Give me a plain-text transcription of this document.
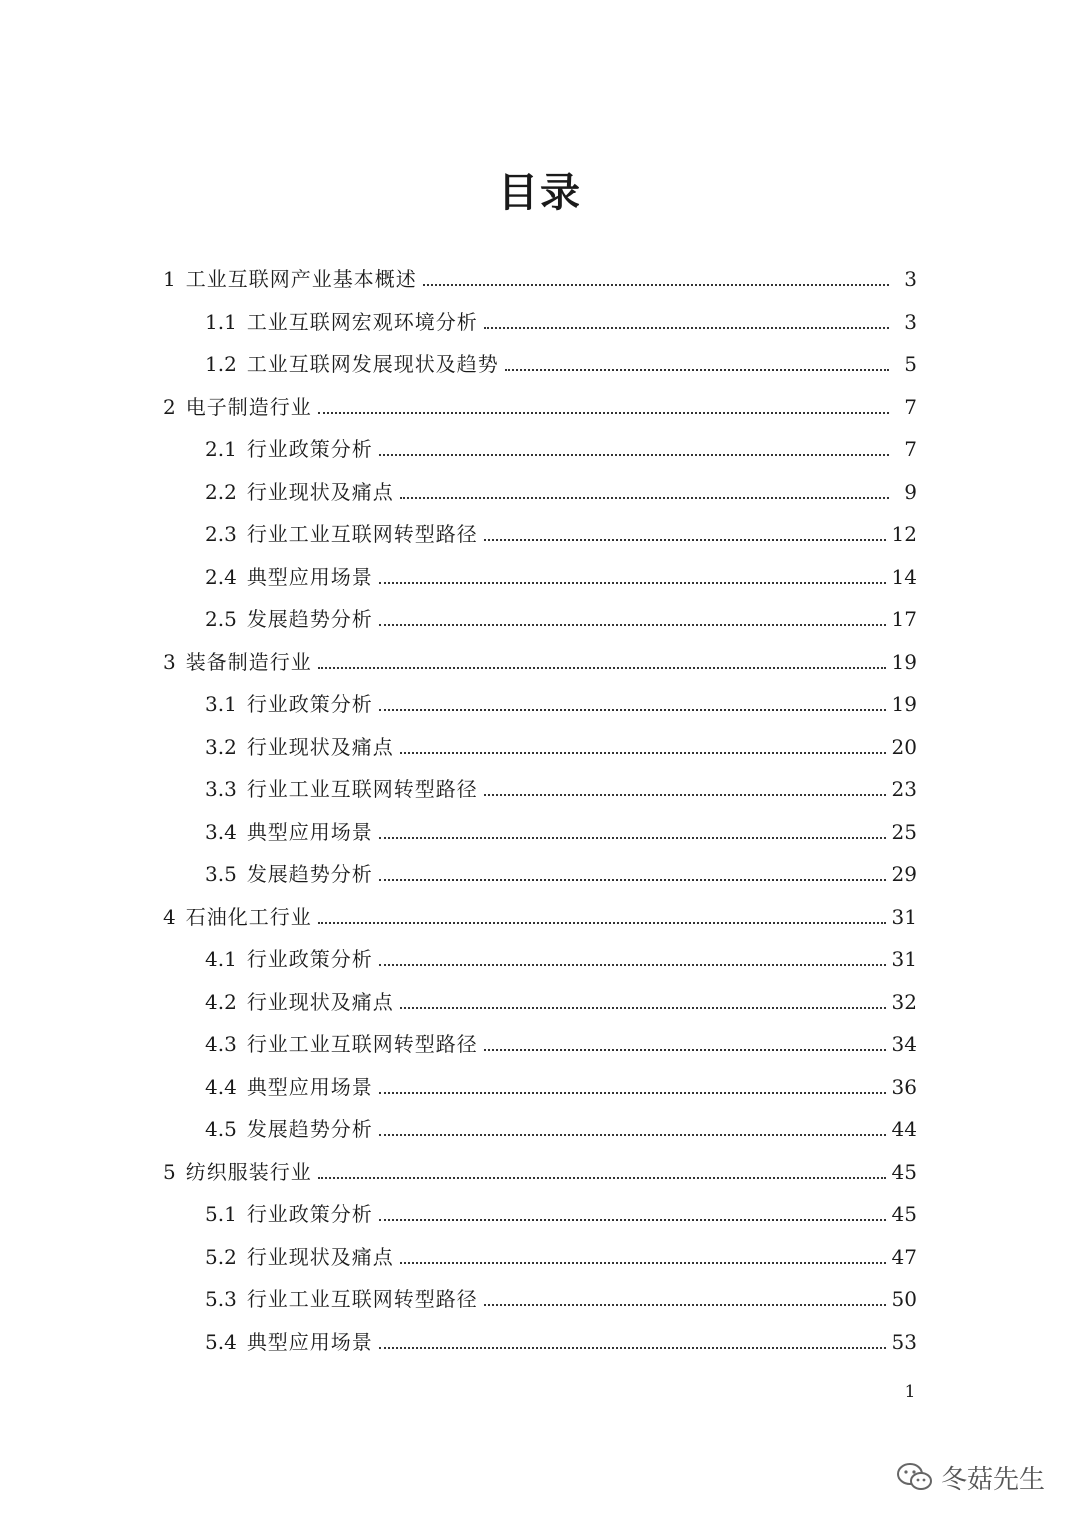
目录
1 工业互联网产业基本概述	3
1.1 工业互联网宏观环境分析	3
1.2 工业互联网发展现状及趋势	5
2 电子制造行业	7
2.1 行业政策分析	7
2.2 行业现状及痛点	9
2.3 行业工业互联网转型路径	12
2.4 典型应用场景	14
2.5 发展趋势分析	17
3 装备制造行业	19
3.1 行业政策分析	19
3.2 行业现状及痛点	20
3.3 行业工业互联网转型路径	23
3.4 典型应用场景	25
3.5 发展趋势分析	29
4 石油化工行业	31
4.1 行业政策分析	31
4.2 行业现状及痛点	32
4.3 行业工业互联网转型路径	34
4.4 典型应用场景	36
4.5 发展趋势分析	44
5 纺织服装行业	45
5.1 行业政策分析	45
5.2 行业现状及痛点	47
5.3 行业工业互联网转型路径	50
5.4 典型应用场景	53
1
冬菇先生
